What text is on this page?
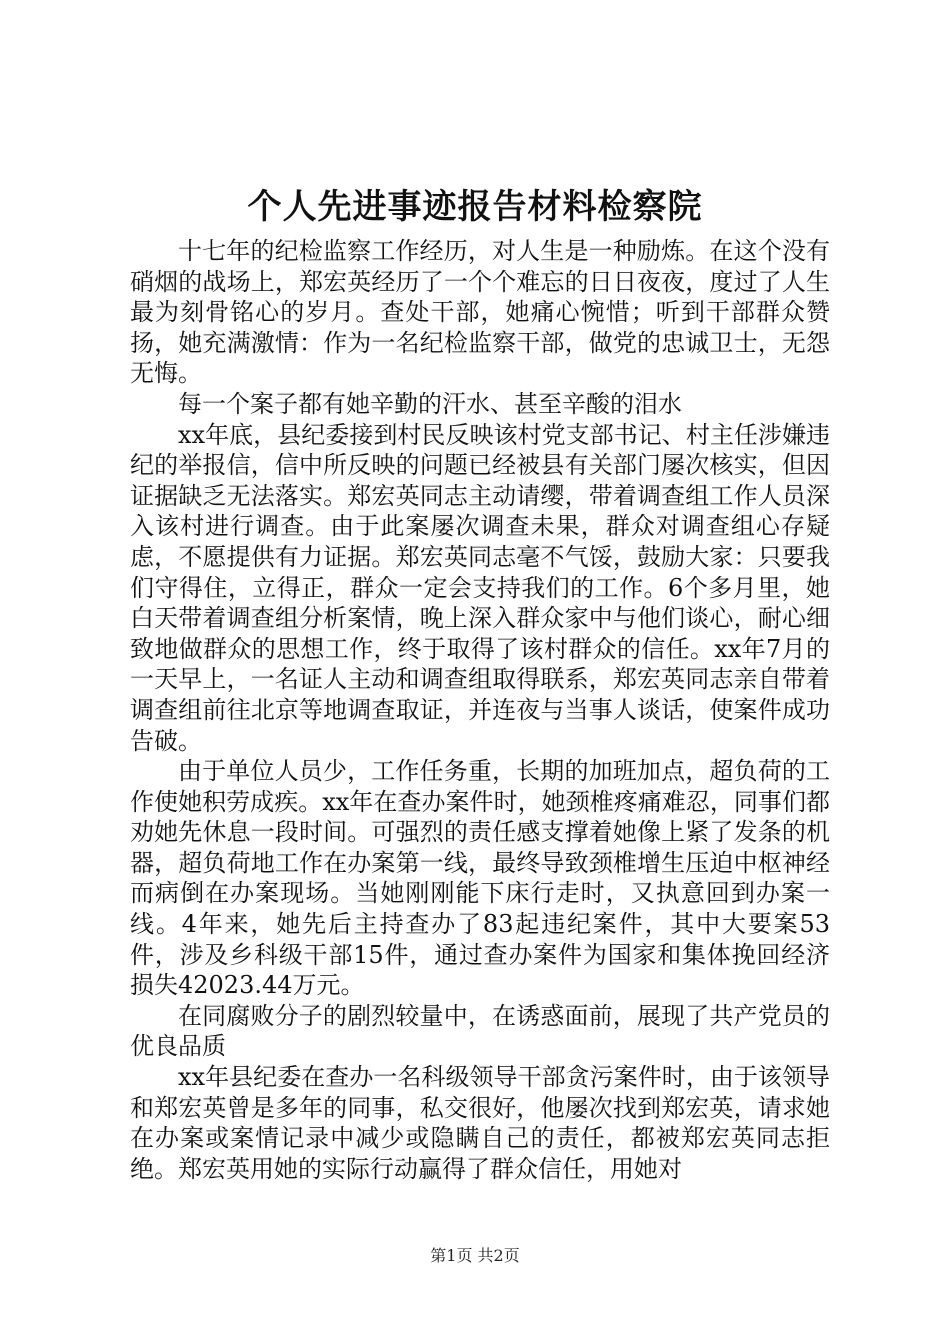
个人先进事迹报告材料检察院

十七年的纪检监察工作经历，对人生是一种励炼。在这个没有硝烟的战场上，郑宏英经历了一个个难忘的日日夜夜，度过了人生最为刻骨铭心的岁月。查处干部，她痛心惋惜；听到干部群众赞扬，她充满激情：作为一名纪检监察干部，做党的忠诚卫士，无怨无悔。

每一个案子都有她辛勤的汗水、甚至辛酸的泪水

xx年底，县纪委接到村民反映该村党支部书记、村主任涉嫌违纪的举报信，信中所反映的问题已经被县有关部门屡次核实，但因证据缺乏无法落实。郑宏英同志主动请缨，带着调查组工作人员深入该村进行调查。由于此案屡次调查未果，群众对调查组心存疑虑，不愿提供有力证据。郑宏英同志毫不气馁，鼓励大家：只要我们守得住，立得正，群众一定会支持我们的工作。6个多月里，她白天带着调查组分析案情，晚上深入群众家中与他们谈心，耐心细致地做群众的思想工作，终于取得了该村群众的信任。xx年7月的一天早上，一名证人主动和调查组取得联系，郑宏英同志亲自带着调查组前往北京等地调查取证，并连夜与当事人谈话，使案件成功告破。

由于单位人员少，工作任务重，长期的加班加点，超负荷的工作使她积劳成疾。xx年在查办案件时，她颈椎疼痛难忍，同事们都劝她先休息一段时间。可强烈的责任感支撑着她像上紧了发条的机器，超负荷地工作在办案第一线，最终导致颈椎增生压迫中枢神经而病倒在办案现场。当她刚刚能下床行走时，又执意回到办案一线。4年来，她先后主持查办了83起违纪案件，其中大要案53件，涉及乡科级干部15件，通过查办案件为国家和集体挽回经济损失42023.44万元。

在同腐败分子的剧烈较量中，在诱惑面前，展现了共产党员的优良品质

xx年县纪委在查办一名科级领导干部贪污案件时，由于该领导和郑宏英曾是多年的同事，私交很好，他屡次找到郑宏英，请求她在办案或案情记录中减少或隐瞒自己的责任，都被郑宏英同志拒绝。郑宏英用她的实际行动赢得了群众信任，用她对

第1页 共2页
